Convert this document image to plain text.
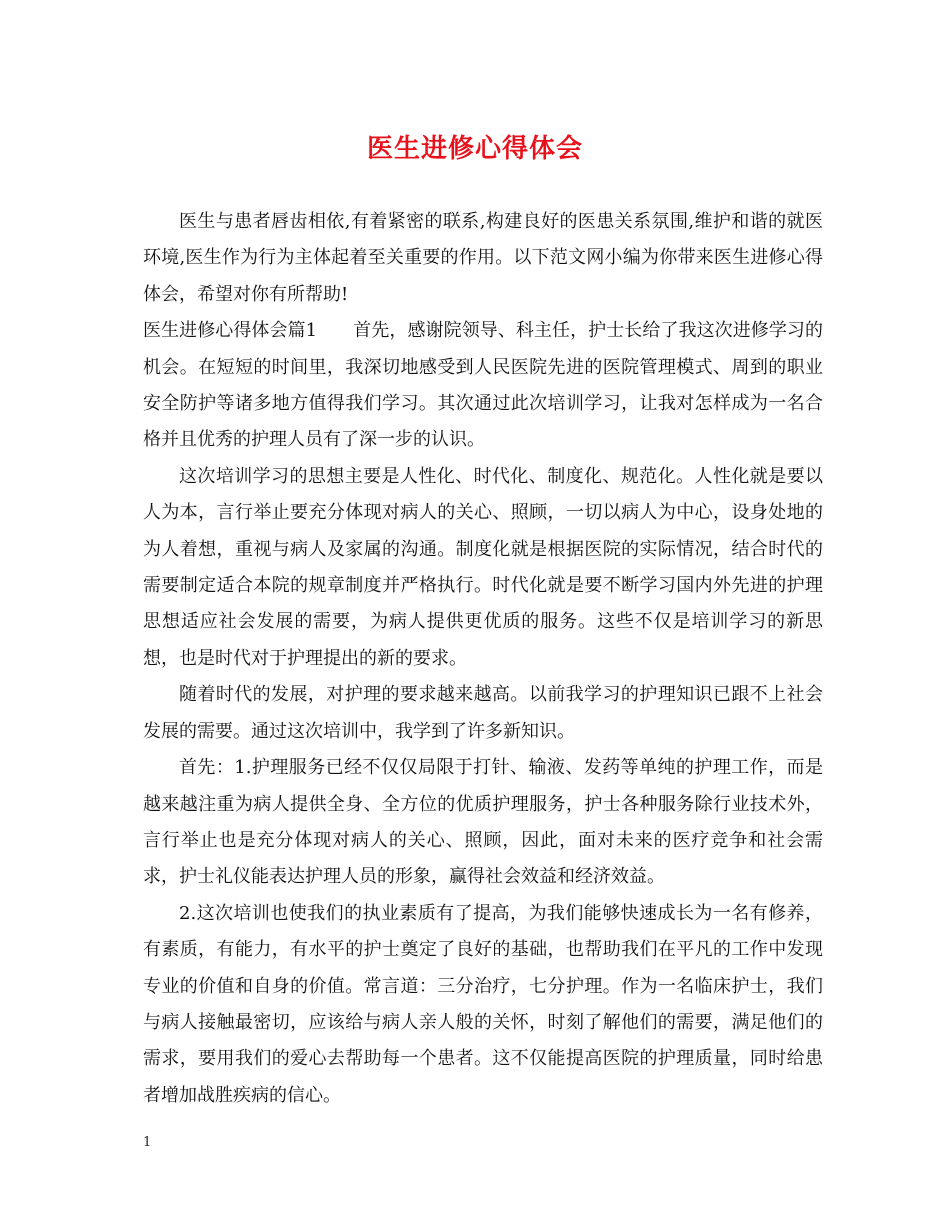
医生进修心得体会

医生与患者唇齿相依,有着紧密的联系,构建良好的医患关系氛围,维护和谐的就医环境,医生作为行为主体起着至关重要的作用。以下范文网小编为你带来医生进修心得体会，希望对你有所帮助!

医生进修心得体会篇1　　首先，感谢院领导、科主任，护士长给了我这次进修学习的机会。在短短的时间里，我深切地感受到人民医院先进的医院管理模式、周到的职业安全防护等诸多地方值得我们学习。其次通过此次培训学习，让我对怎样成为一名合格并且优秀的护理人员有了深一步的认识。

这次培训学习的思想主要是人性化、时代化、制度化、规范化。人性化就是要以人为本，言行举止要充分体现对病人的关心、照顾，一切以病人为中心，设身处地的为人着想，重视与病人及家属的沟通。制度化就是根据医院的实际情况，结合时代的需要制定适合本院的规章制度并严格执行。时代化就是要不断学习国内外先进的护理思想适应社会发展的需要，为病人提供更优质的服务。这些不仅是培训学习的新思想，也是时代对于护理提出的新的要求。

随着时代的发展，对护理的要求越来越高。以前我学习的护理知识已跟不上社会发展的需要。通过这次培训中，我学到了许多新知识。

首先：1.护理服务已经不仅仅局限于打针、输液、发药等单纯的护理工作，而是越来越注重为病人提供全身、全方位的优质护理服务，护士各种服务除行业技术外，言行举止也是充分体现对病人的关心、照顾，因此，面对未来的医疗竞争和社会需求，护士礼仪能表达护理人员的形象，赢得社会效益和经济效益。

2.这次培训也使我们的执业素质有了提高，为我们能够快速成长为一名有修养，有素质，有能力，有水平的护士奠定了良好的基础，也帮助我们在平凡的工作中发现专业的价值和自身的价值。常言道：三分治疗，七分护理。作为一名临床护士，我们与病人接触最密切，应该给与病人亲人般的关怀，时刻了解他们的需要，满足他们的需求，要用我们的爱心去帮助每一个患者。这不仅能提高医院的护理质量，同时给患者增加战胜疾病的信心。

1
